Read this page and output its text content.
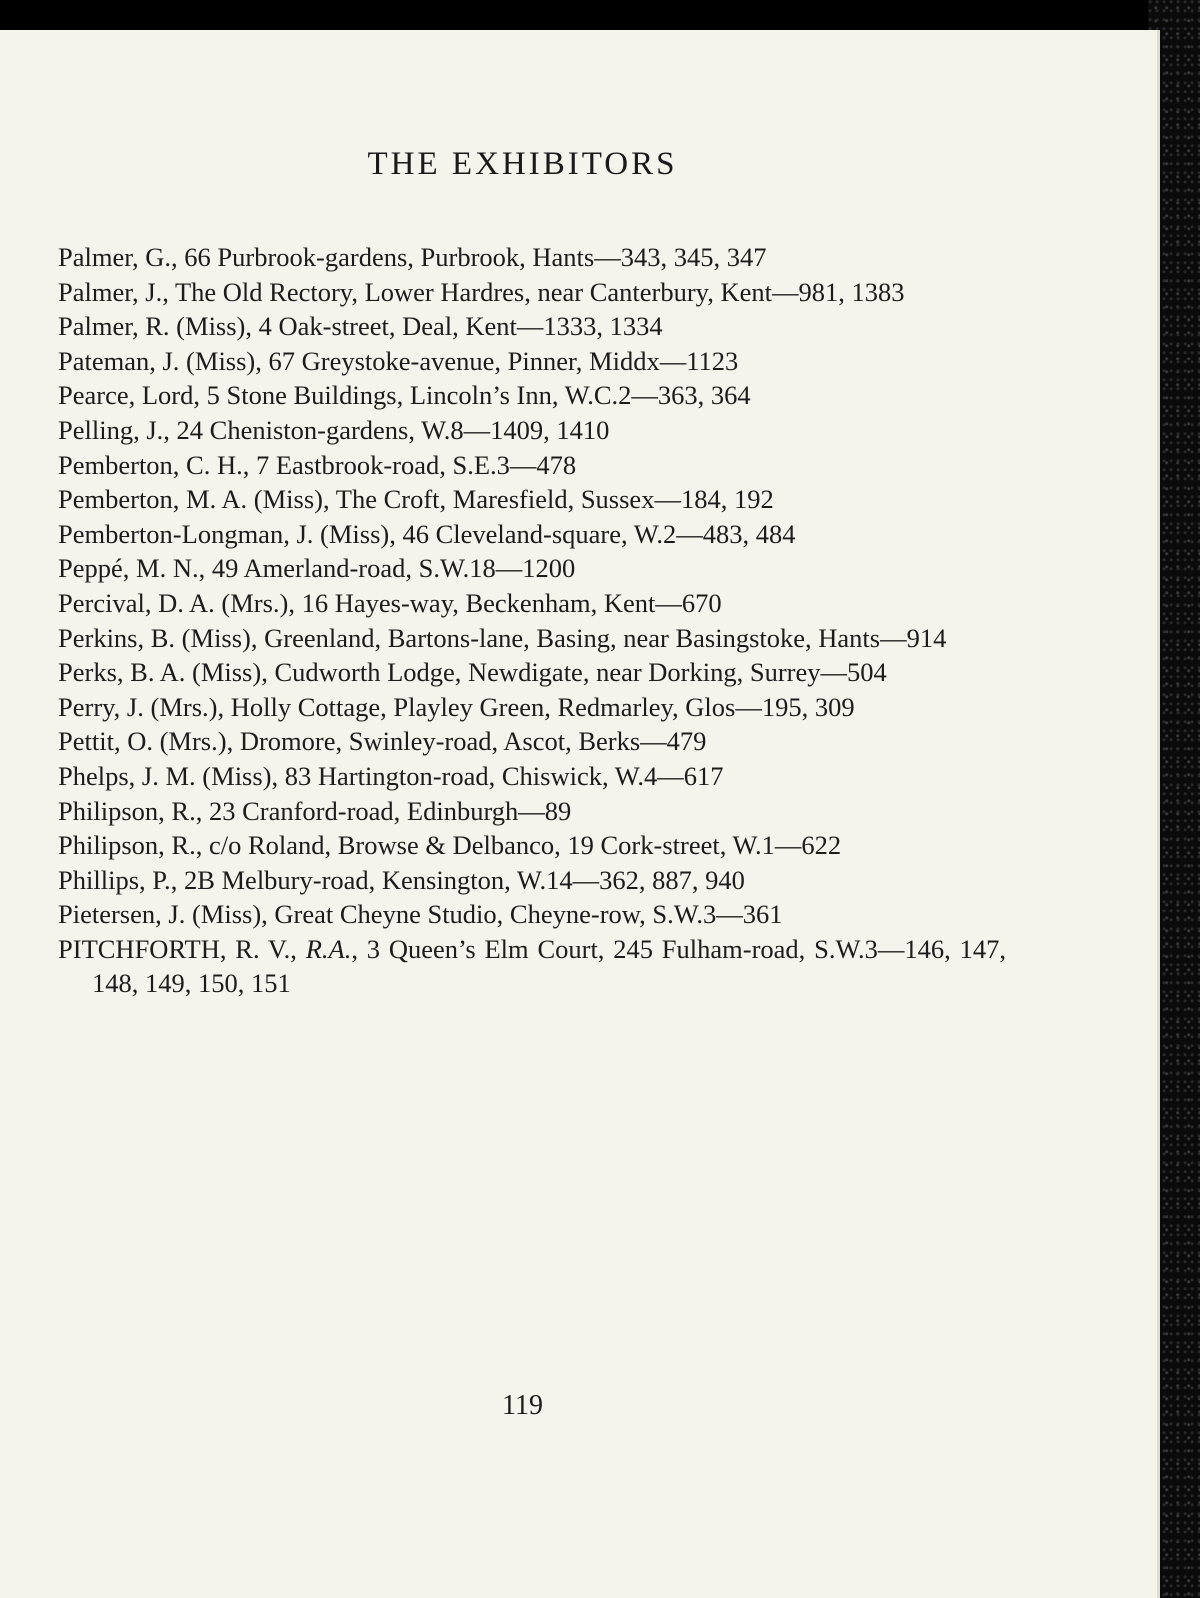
THE EXHIBITORS
Palmer, G., 66 Purbrook-gardens, Purbrook, Hants—343, 345, 347
Palmer, J., The Old Rectory, Lower Hardres, near Canterbury, Kent—981, 1383
Palmer, R. (Miss), 4 Oak-street, Deal, Kent—1333, 1334
Pateman, J. (Miss), 67 Greystoke-avenue, Pinner, Middx—1123
Pearce, Lord, 5 Stone Buildings, Lincoln’s Inn, W.C.2—363, 364
Pelling, J., 24 Cheniston-gardens, W.8—1409, 1410
Pemberton, C. H., 7 Eastbrook-road, S.E.3—478
Pemberton, M. A. (Miss), The Croft, Maresfield, Sussex—184, 192
Pemberton-Longman, J. (Miss), 46 Cleveland-square, W.2—483, 484
Peppé, M. N., 49 Amerland-road, S.W.18—1200
Percival, D. A. (Mrs.), 16 Hayes-way, Beckenham, Kent—670
Perkins, B. (Miss), Greenland, Bartons-lane, Basing, near Basingstoke, Hants—914
Perks, B. A. (Miss), Cudworth Lodge, Newdigate, near Dorking, Surrey—504
Perry, J. (Mrs.), Holly Cottage, Playley Green, Redmarley, Glos—195, 309
Pettit, O. (Mrs.), Dromore, Swinley-road, Ascot, Berks—479
Phelps, J. M. (Miss), 83 Hartington-road, Chiswick, W.4—617
Philipson, R., 23 Cranford-road, Edinburgh—89
Philipson, R., c/o Roland, Browse & Delbanco, 19 Cork-street, W.1—622
Phillips, P., 2B Melbury-road, Kensington, W.14—362, 887, 940
Pietersen, J. (Miss), Great Cheyne Studio, Cheyne-row, S.W.3—361
PITCHFORTH, R. V., R.A., 3 Queen’s Elm Court, 245 Fulham-road, S.W.3—146, 147, 148, 149, 150, 151
119
